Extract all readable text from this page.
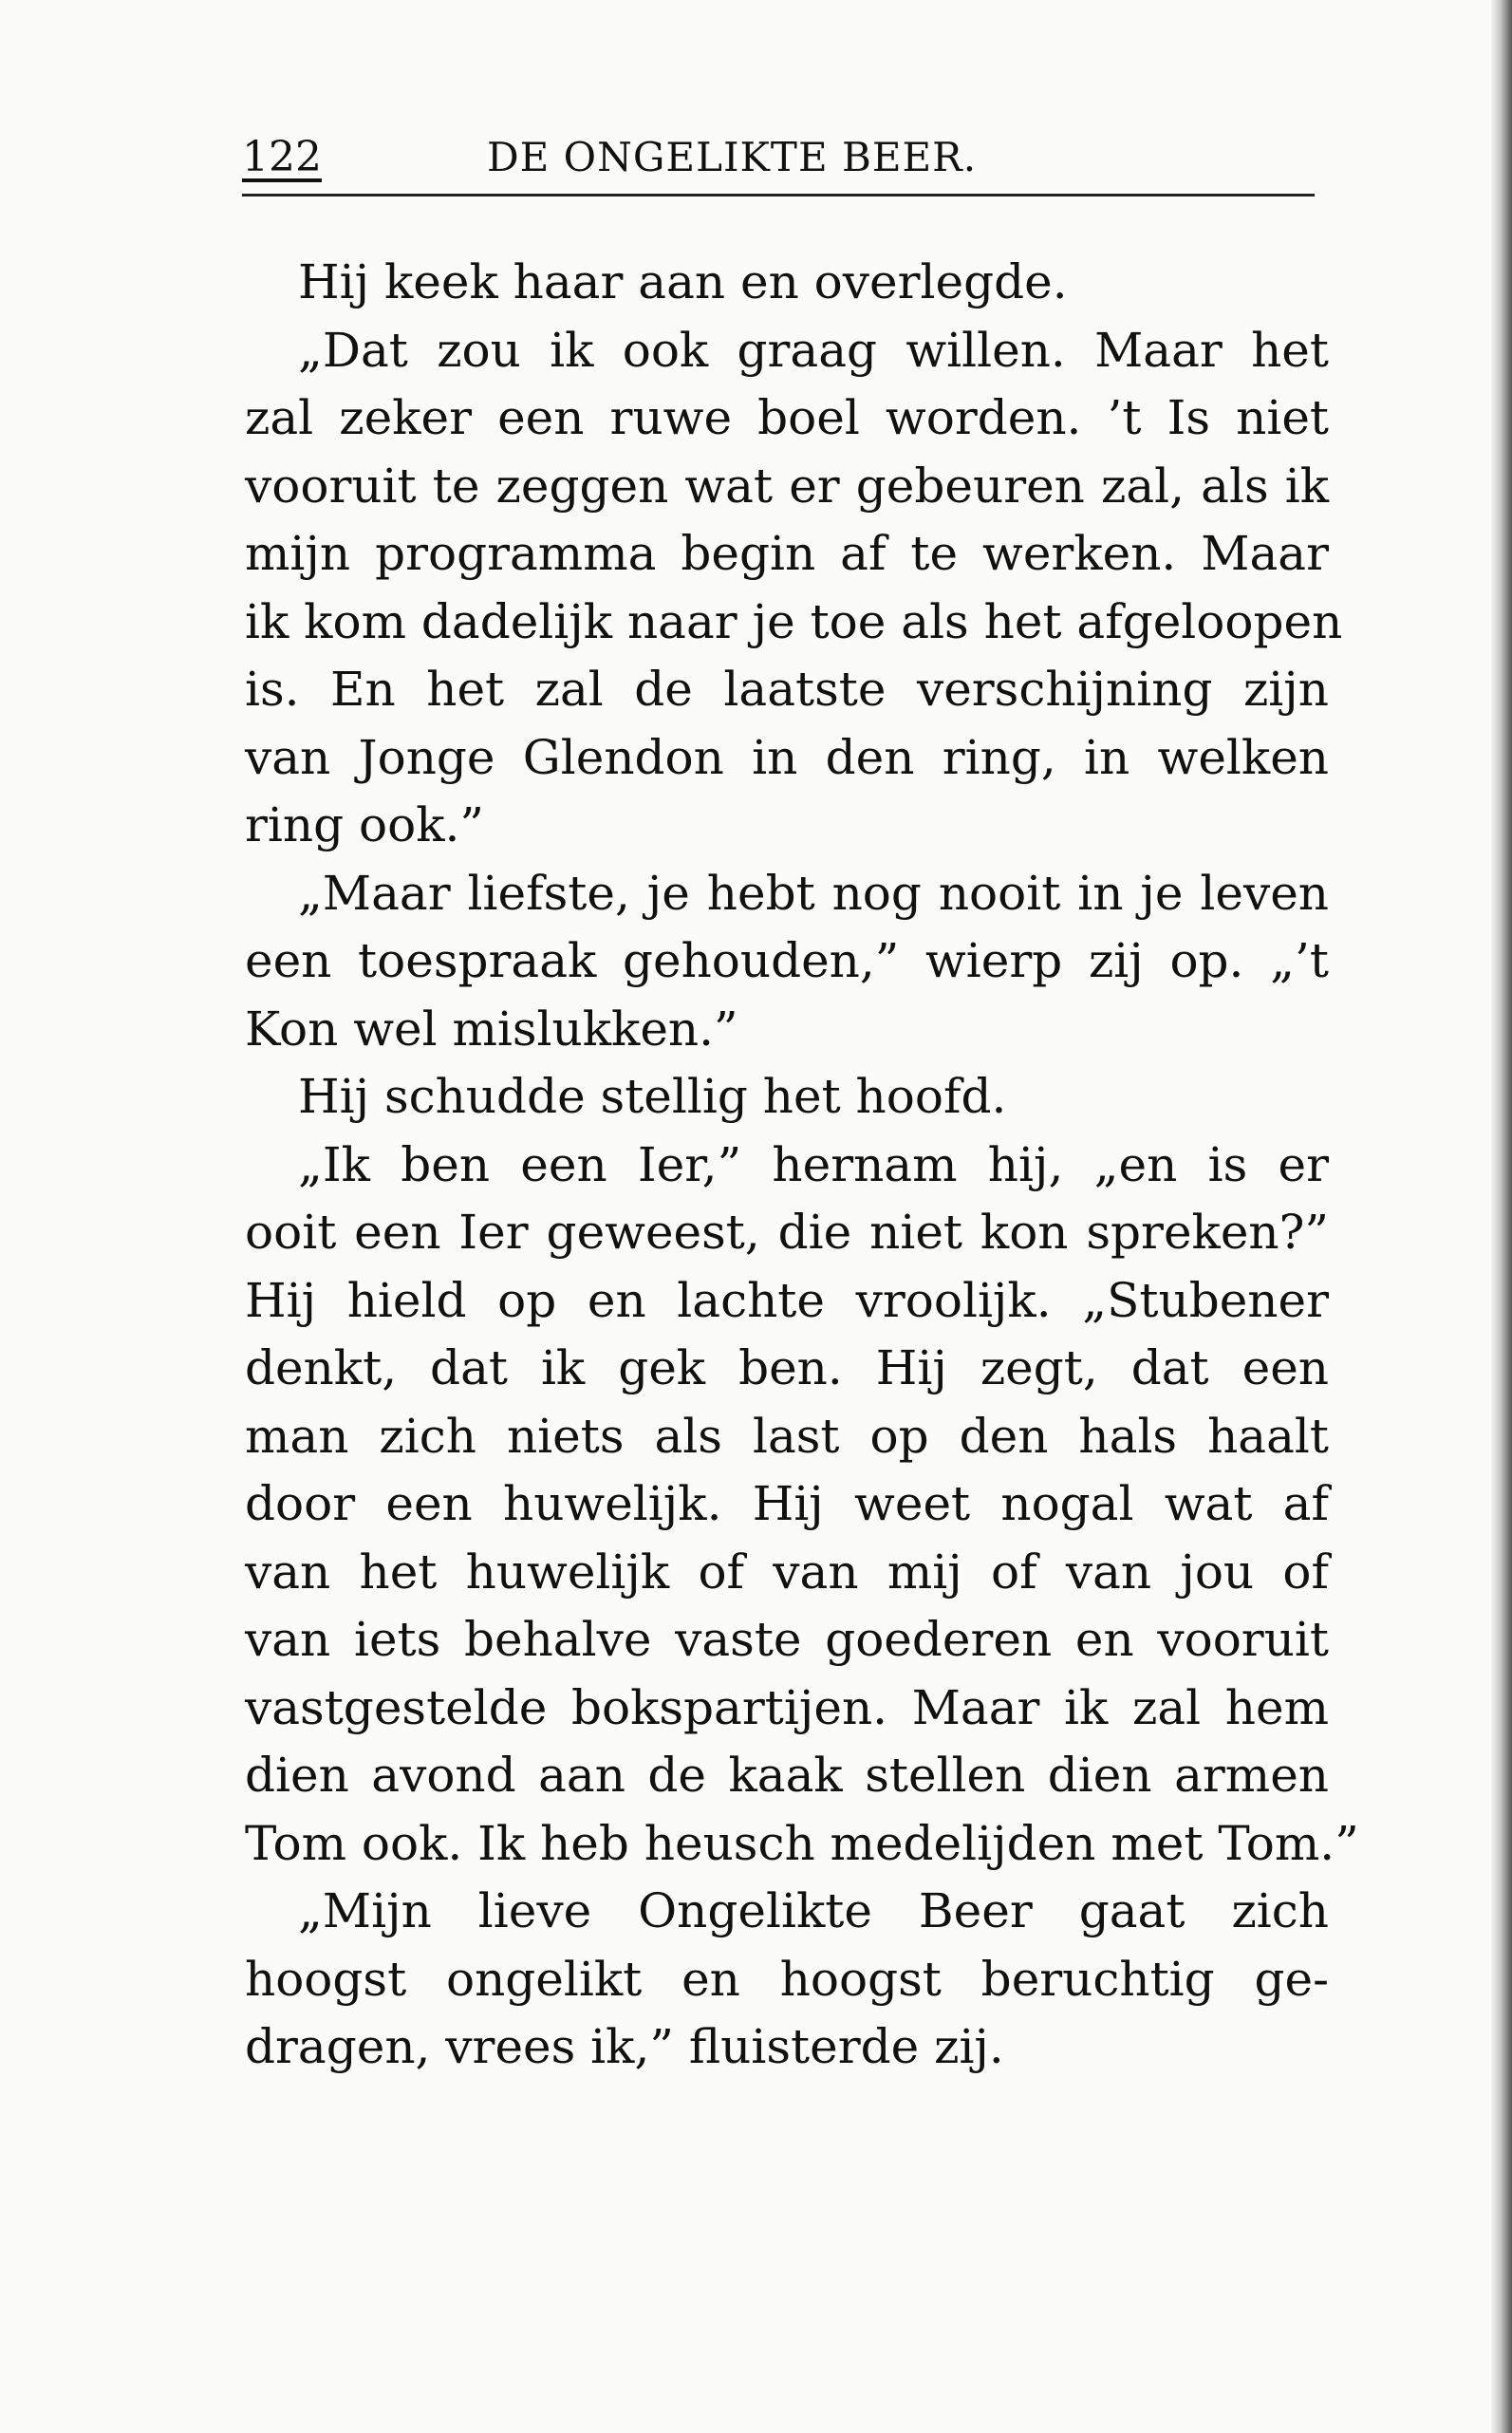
122	DE ONGELIKTE BEER.
Hij keek haar aan en overlegde.
„Dat zou ik ook graag willen. Maar het
zal zeker een ruwe boel worden. ’t Is niet
vooruit te zeggen wat er gebeuren zal, als ik
mijn programma begin af te werken. Maar
ik kom dadelijk naar je toe als het afgeloopen
is. En het zal de laatste verschijning zijn
van Jonge Glendon in den ring, in welken
ring ook.”
„Maar liefste, je hebt nog nooit in je leven
een toespraak gehouden,” wierp zij op. „’t
Kon wel mislukken.”
Hij schudde stellig het hoofd.
„Ik ben een Ier,” hernam hij, „en is er
ooit een Ier geweest, die niet kon spreken?”
Hij hield op en lachte vroolijk. „Stubener
denkt, dat ik gek ben. Hij zegt, dat een
man zich niets als last op den hals haalt
door een huwelijk. Hij weet nogal wat af
van het huwelijk of van mij of van jou of
van iets behalve vaste goederen en vooruit
vastgestelde bokspartijen. Maar ik zal hem
dien avond aan de kaak stellen dien armen
Tom ook. Ik heb heusch medelijden met Tom.”
„Mijn lieve Ongelikte Beer gaat zich
hoogst ongelikt en hoogst beruchtig ge-
dragen, vrees ik,” fluisterde zij.
